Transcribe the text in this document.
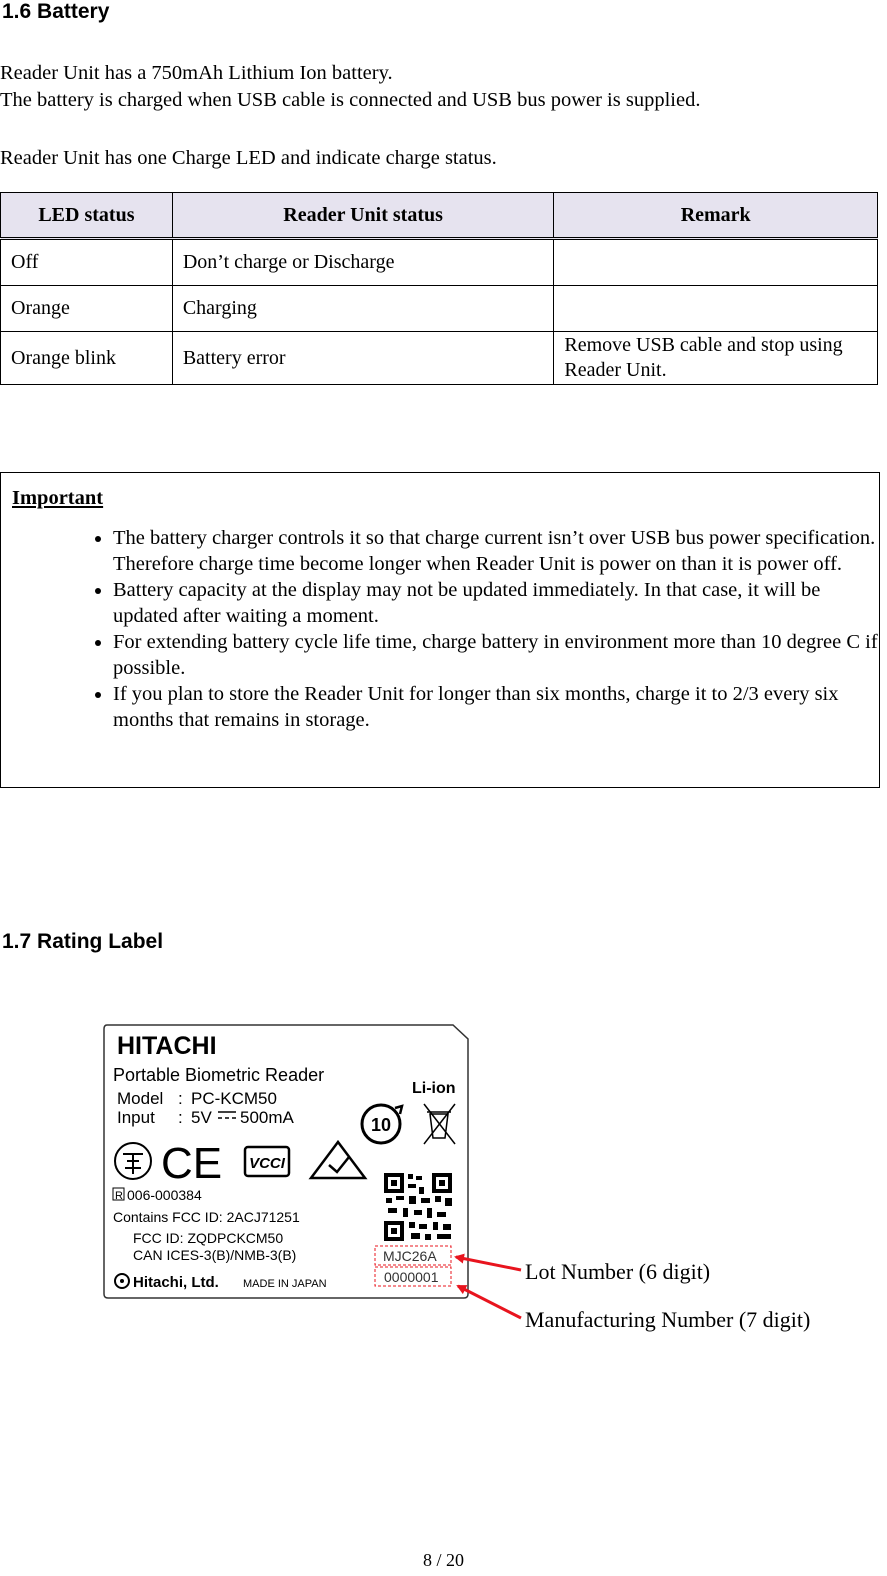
1.6 Battery

Reader Unit has a 750mAh Lithium Ion battery.

The battery is charged when USB cable is connected and USB bus power is supplied.

Reader Unit has one Charge LED and indicate charge status.

LED status	Reader Unit status	Remark
Off	Don’t charge or Discharge	
Orange	Charging	
Orange blink	Battery error	Remove USB cable and stop using Reader Unit.

Important

• The battery charger controls it so that charge current isn’t over USB bus power specification. Therefore charge time become longer when Reader Unit is power on than it is power off.
• Battery capacity at the display may not be updated immediately. In that case, it will be updated after waiting a moment.
• For extending battery cycle life time, charge battery in environment more than 10 degree C if possible.
• If you plan to store the Reader Unit for longer than six months, charge it to 2/3 every six months that remains in storage.
1.7 Rating Label
HITACHI
Portable Biometric Reader
Li-ion
Model : PC-KCM50
Input : 5V 500mA	10
CE VCCI
R 006-000384
Contains FCC ID: 2ACJ71251
FCC ID: ZQDPCKCM50
CAN ICES-3(B)/NMB-3(B)
Hitachi, Ltd. MADE IN JAPAN
MJC26A
0000001	Lot Number (6 digit)
Manufacturing Number (7 digit)
8 / 20
